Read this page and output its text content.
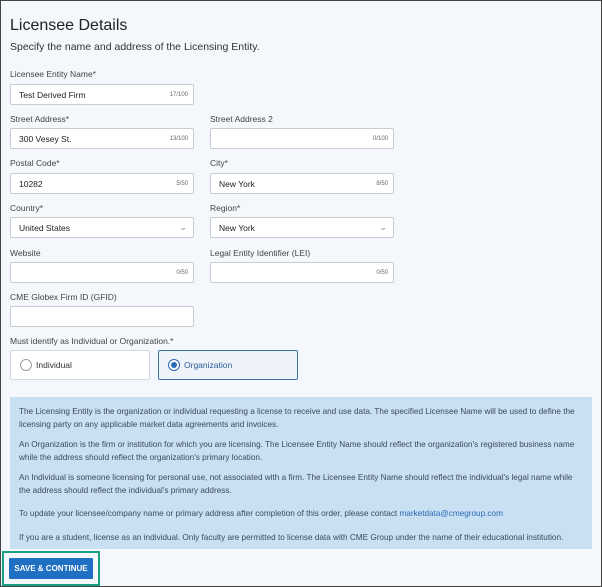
Licensee Details
Specify the name and address of the Licensing Entity.
Licensee Entity Name*
Test Derived Firm	17/100
Street Address*
300 Vesey St.	13/100
Street Address 2
0/100
Postal Code*
10282	5/50
City*
New York	8/50
Country*
United States	⌄
Region*
New York	⌄
Website
0/50
Legal Entity Identifier (LEI)
0/50
CME Globex Firm ID (GFID)
Must identify as Individual or Organization.*
Individual	Organization

The Licensing Entity is the organization or individual requesting a license to receive and use data. The specified Licensee Name will be used to define the licensing party on any applicable market data agreements and invoices.

An Organization is the firm or institution for which you are licensing. The Licensee Entity Name should reflect the organization's registered business name while the address should reflect the organization's primary location.

An Individual is someone licensing for personal use, not associated with a firm. The Licensee Entity Name should reflect the individual's legal name while the address should reflect the individual's primary address.

To update your licensee/company name or primary address after completion of this order, please contact marketdata@cmegroup.com

If you are a student, license as an individual. Only faculty are permitted to license data with CME Group under the name of their educational institution.

SAVE & CONTINUE
